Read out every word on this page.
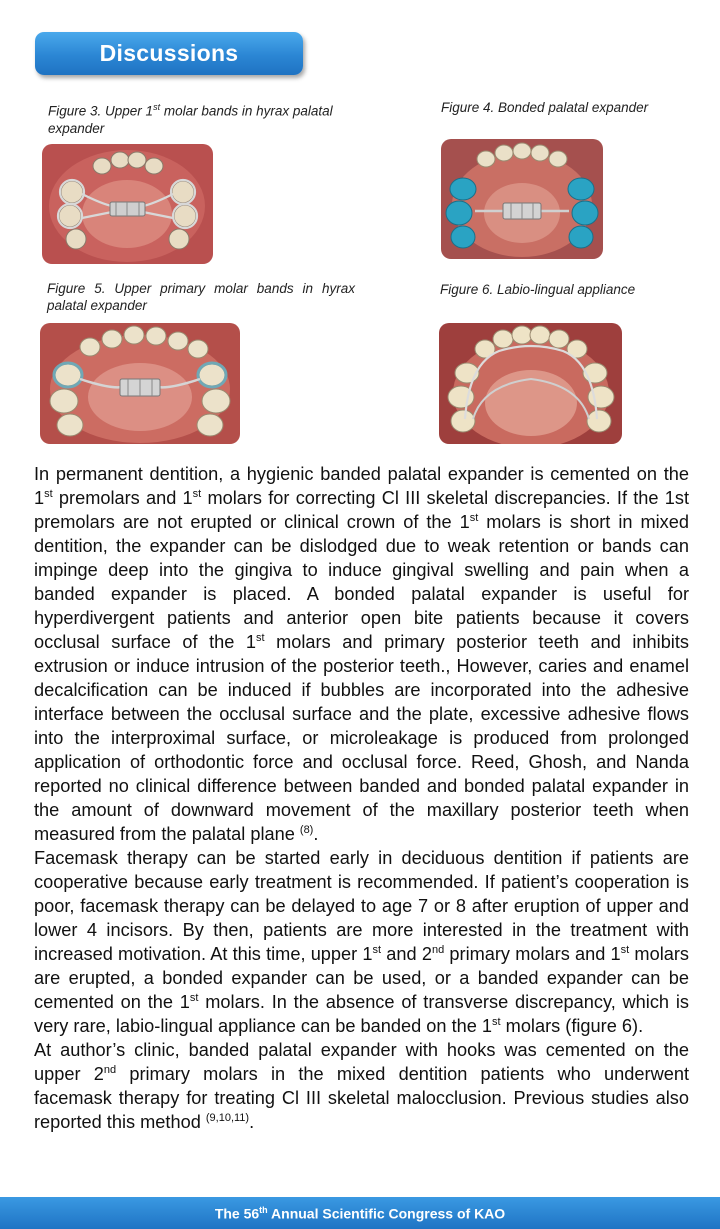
Discussions
Figure 3. Upper 1st molar bands in hyrax palatal expander
Figure 4. Bonded palatal expander
Figure 5. Upper primary molar bands in hyrax palatal expander
Figure 6. Labio-lingual appliance

In permanent dentition, a hygienic banded palatal expander is cemented on the 1st premolars and 1st molars for correcting Cl III skeletal discrepancies. If the 1st premolars are not erupted or clinical crown of the 1st molars is short in mixed dentition, the expander can be dislodged due to weak retention or bands can impinge deep into the gingiva to induce gingival swelling and pain when a banded expander is placed. A bonded palatal expander is useful for hyperdivergent patients and anterior open bite patients because it covers occlusal surface of the 1st molars and primary posterior teeth and inhibits extrusion or induce intrusion of the posterior teeth., However, caries and enamel decalcification can be induced if bubbles are incorporated into the adhesive interface between the occlusal surface and the plate, excessive adhesive flows into the interproximal surface, or microleakage is produced from prolonged application of orthodontic force and occlusal force. Reed, Ghosh, and Nanda reported no clinical difference between banded and bonded palatal expander in the amount of downward movement of the maxillary posterior teeth when measured from the palatal plane $^{(8)}$.

Facemask therapy can be started early in deciduous dentition if patients are cooperative because early treatment is recommended. If patient’s cooperation is poor, facemask therapy can be delayed to age 7 or 8 after eruption of upper and lower 4 incisors. By then, patients are more interested in the treatment with increased motivation. At this time, upper 1st and 2nd primary molars and 1st molars are erupted, a bonded expander can be used, or a banded expander can be cemented on the 1st molars. In the absence of transverse discrepancy, which is very rare, labio-lingual appliance can be banded on the 1st molars (figure 6).

At author’s clinic, banded palatal expander with hooks was cemented on the upper 2nd primary molars in the mixed dentition patients who underwent facemask therapy for treating Cl III skeletal malocclusion. Previous studies also reported this method $^{(9,10,11)}$.

The 56th Annual Scientific Congress of KAO
